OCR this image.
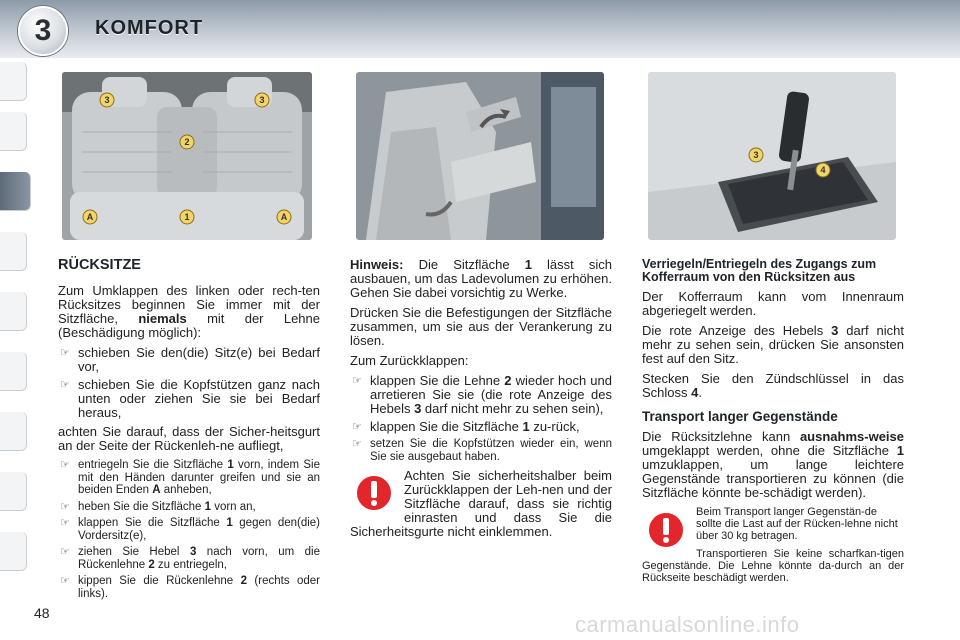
3 KOMFORT
3	3
2
A	1	A
3
4
RÜCKSITZE

Zum Umklappen des linken oder rech-ten Rücksitzes beginnen Sie immer mit der Sitzfläche, niemals mit der Lehne (Beschädigung möglich):

☞ schieben Sie den(die) Sitz(e) bei Bedarf vor,
☞ schieben Sie die Kopfstützen ganz nach unten oder ziehen Sie sie bei Bedarf heraus,

achten Sie darauf, dass der Sicher-heitsgurt an der Seite der Rückenleh-ne aufliegt,

☞ entriegeln Sie die Sitzfläche 1 vorn, indem Sie mit den Händen darunter greifen und sie an beiden Enden A anheben,
☞ heben Sie die Sitzfläche 1 vorn an,
☞ klappen Sie die Sitzfläche 1 gegen den(die) Vordersitz(e),
☞ ziehen Sie Hebel 3 nach vorn, um die Rückenlehne 2 zu entriegeln,
☞ kippen Sie die Rückenlehne 2 (rechts oder links).

Hinweis: Die Sitzfläche 1 lässt sich ausbauen, um das Ladevolumen zu erhöhen. Gehen Sie dabei vorsichtig zu Werke.

Drücken Sie die Befestigungen der Sitzfläche zusammen, um sie aus der Verankerung zu lösen.

Zum Zurückklappen:

☞ klappen Sie die Lehne 2 wieder hoch und arretieren Sie sie (die rote Anzeige des Hebels 3 darf nicht mehr zu sehen sein),
☞ klappen Sie die Sitzfläche 1 zu-rück,
☞ setzen Sie die Kopfstützen wieder ein, wenn Sie sie ausgebaut haben.

Achten Sie sicherheitshalber beim Zurückklappen der Leh-nen und der Sitzfläche darauf, dass sie richtig einrasten und dass Sie die Sicherheitsgurte nicht einklemmen.

Verriegeln/Entriegeln des Zugangs zum Kofferraum von den Rücksitzen aus

Der Kofferraum kann vom Innenraum abgeriegelt werden.

Die rote Anzeige des Hebels 3 darf nicht mehr zu sehen sein, drücken Sie ansonsten fest auf den Sitz.

Stecken Sie den Zündschlüssel in das Schloss 4.

Transport langer Gegenstände

Die Rücksitzlehne kann ausnahms-weise umgeklappt werden, ohne die Sitzfläche 1 umzuklappen, um lange leichtere Gegenstände transportieren zu können (die Sitzfläche könnte be-schädigt werden).

Beim Transport langer Gegenstän-de sollte die Last auf der Rücken-lehne nicht über 30 kg betragen.

Transportieren Sie keine scharfkan-tigen Gegenstände. Die Lehne könnte da-durch an der Rückseite beschädigt werden.

48	carmanualsonline.info
